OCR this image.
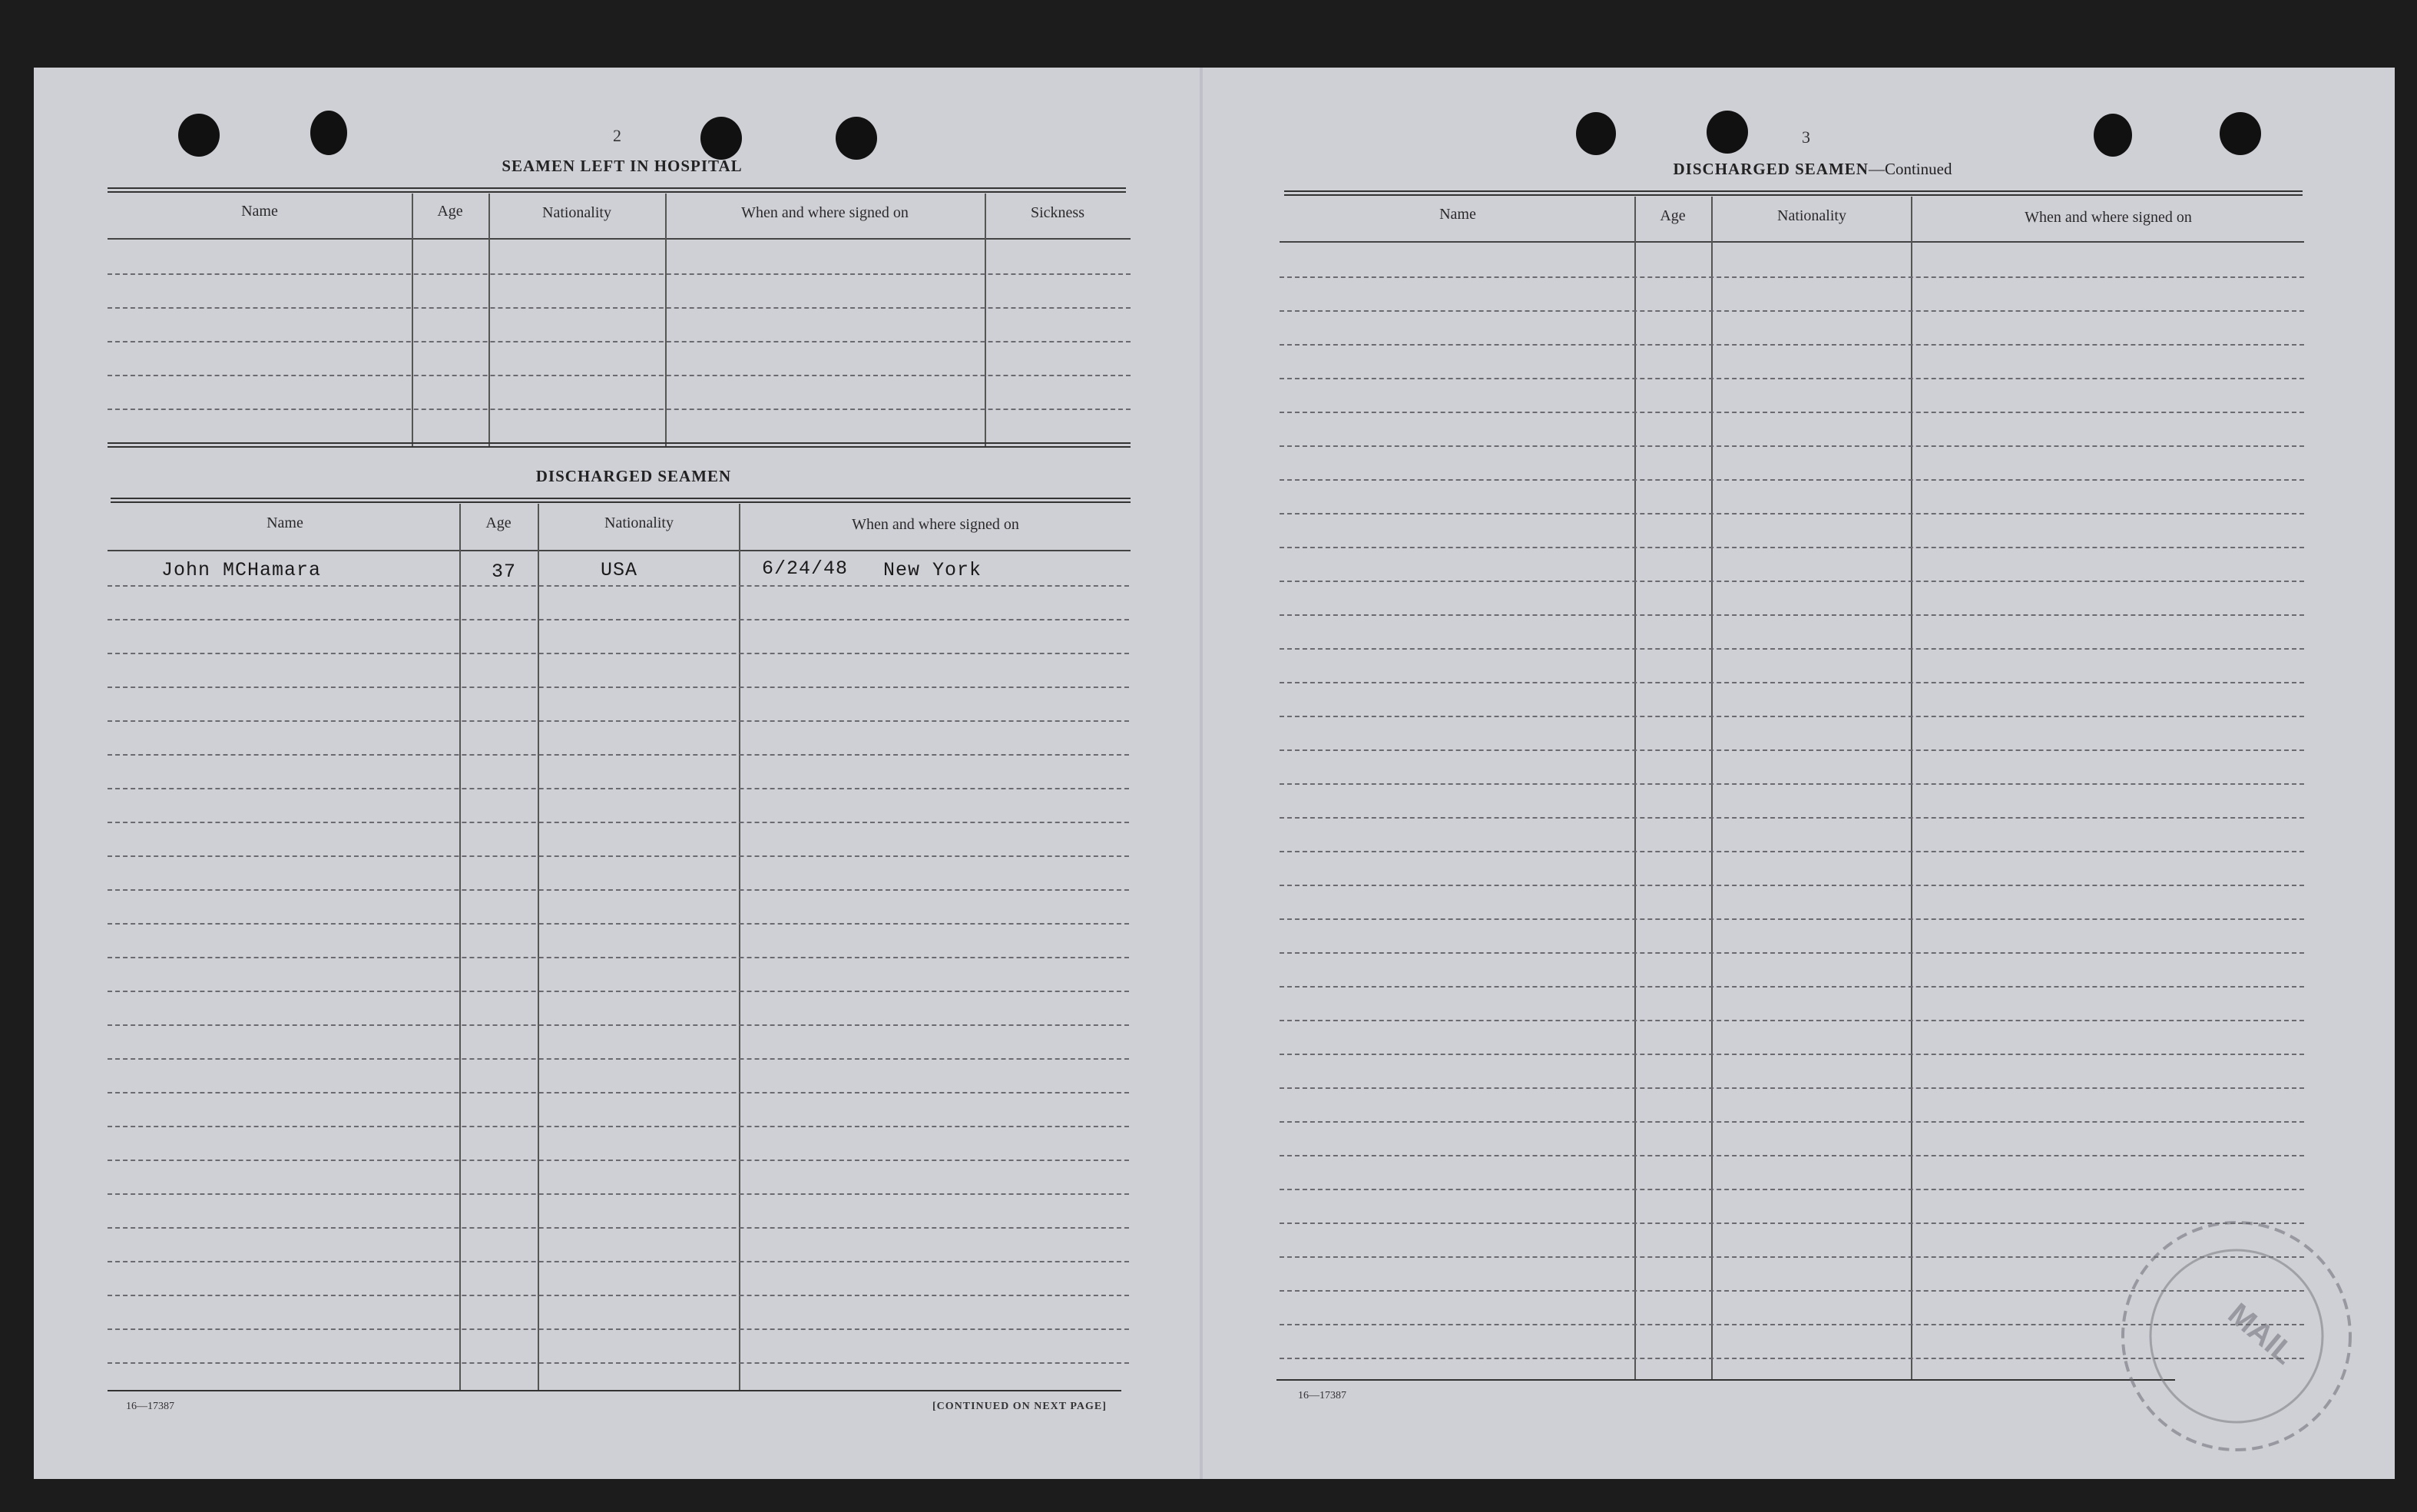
2
SEAMEN LEFT IN HOSPITAL
Name	Age	Nationality	When and where signed on	Sickness
DISCHARGED SEAMEN
Name	Age	Nationality	When and where signed on
John MCHamara	37	USA	6/24/48 New York
16—17387	[CONTINUED ON NEXT PAGE]
3
DISCHARGED SEAMEN—Continued
Name	Age	Nationality	When and where signed on
16—17387
MAIL
